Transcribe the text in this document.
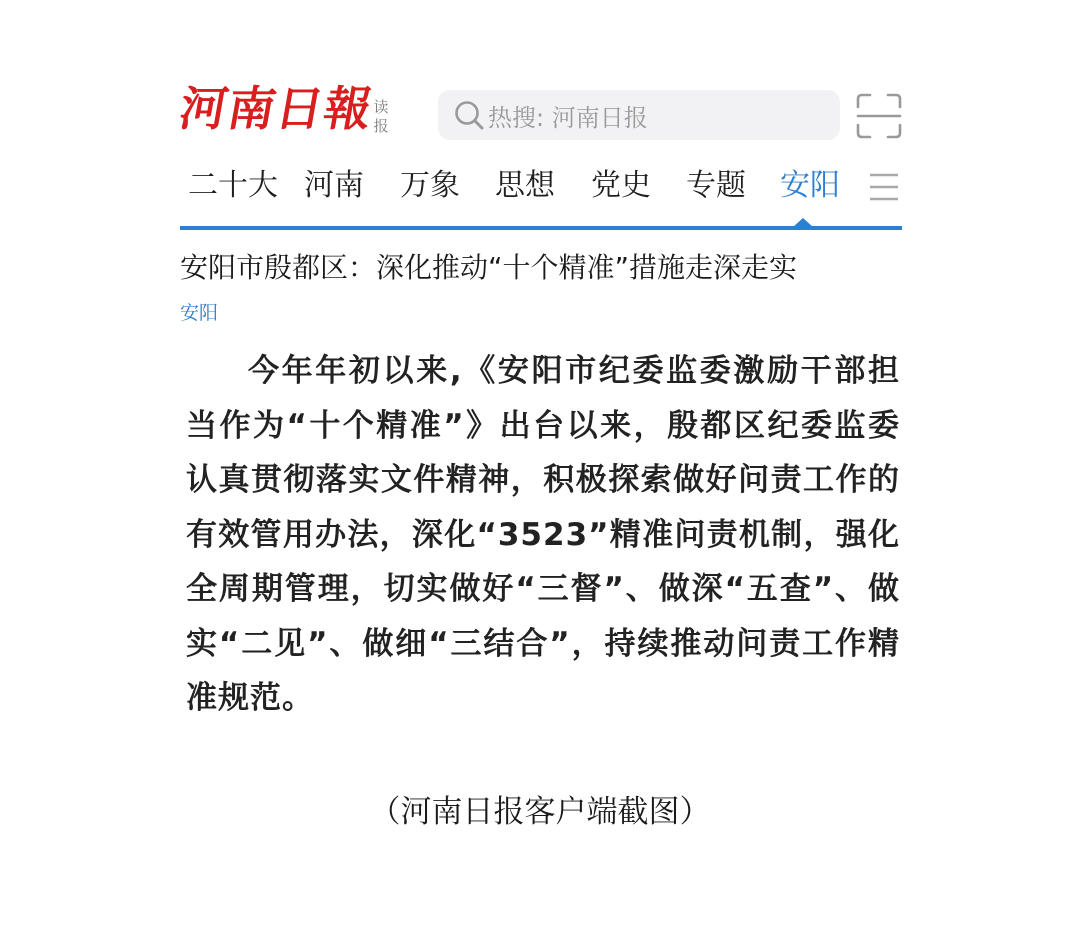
河南日報
读报	热搜: 河南日报
二十大 河南 万象 思想 党史 专题 安阳
安阳市殷都区：深化推动“十个精准”措施走深走实
安阳
今年年初以来,《安阳市纪委监委激励干部担当作为“十个精准”》出台以来，殷都区纪委监委认真贯彻落实文件精神，积极探索做好问责工作的有效管用办法，深化“3523”精准问责机制，强化全周期管理，切实做好“三督”、做深“五查”、做实“二见”、做细“三结合”，持续推动问责工作精准规范。
（河南日报客户端截图）
